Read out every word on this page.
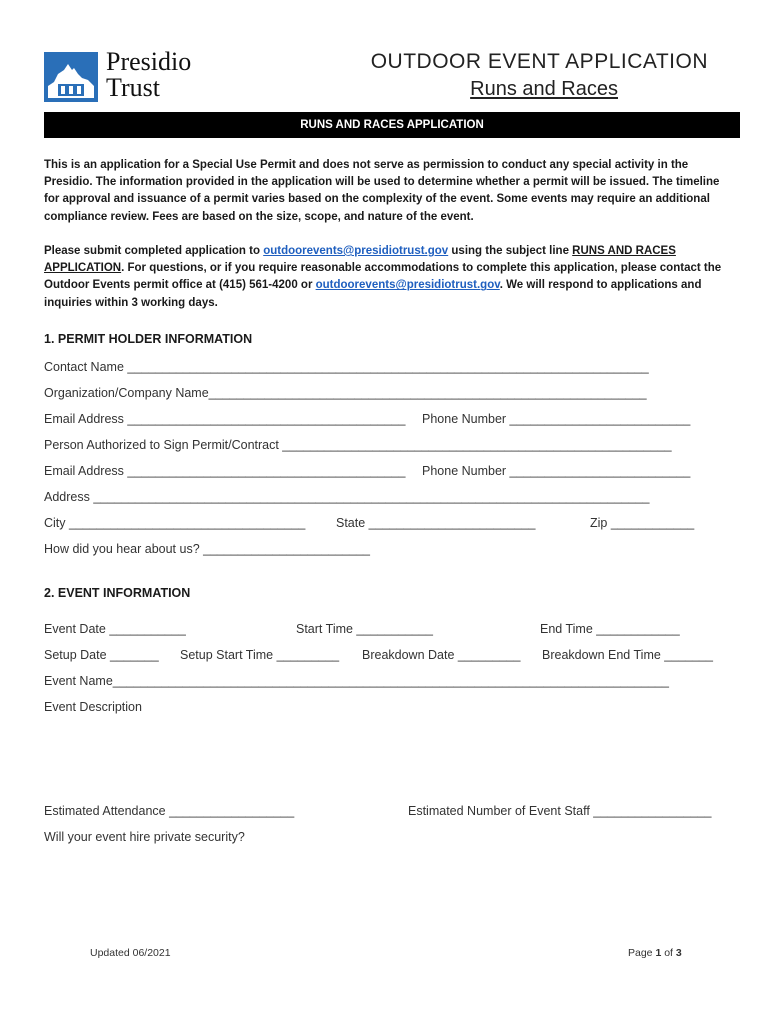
Presidio
Trust
OUTDOOR EVENT APPLICATION
Runs and Races
RUNS AND RACES APPLICATION
This is an application for a Special Use Permit and does not serve as permission to conduct any special activity in the Presidio. The information provided in the application will be used to determine whether a permit will be issued. The timeline for approval and issuance of a permit varies based on the complexity of the event. Some events may require an additional compliance review. Fees are based on the size, scope, and nature of the event.
Please submit completed application to outdoorevents@presidiotrust.gov using the subject line RUNS AND RACES APPLICATION. For questions, or if you require reasonable accommodations to complete this application, please contact the Outdoor Events permit office at (415) 561-4200 or outdoorevents@presidiotrust.gov. We will respond to applications and inquiries within 3 working days.
1. PERMIT HOLDER INFORMATION
Contact Name ___________________________________________________________________________
Organization/Company Name_______________________________________________________________
Email Address ________________________________________ Phone Number __________________________
Person Authorized to Sign Permit/Contract ________________________________________________________
Email Address ________________________________________ Phone Number __________________________
Address ________________________________________________________________________________
City __________________________________ State ________________________	Zip ____________
How did you hear about us? ________________________
2. EVENT INFORMATION
Event Date ___________	Start Time ___________	End Time ____________
Setup Date _______ Setup Start Time _________ Breakdown Date _________ Breakdown End Time _______
Event Name________________________________________________________________________________
Event Description
Estimated Attendance __________________	Estimated Number of Event Staff _________________
Will your event hire private security?
Updated 06/2021	Page 1 of 3
